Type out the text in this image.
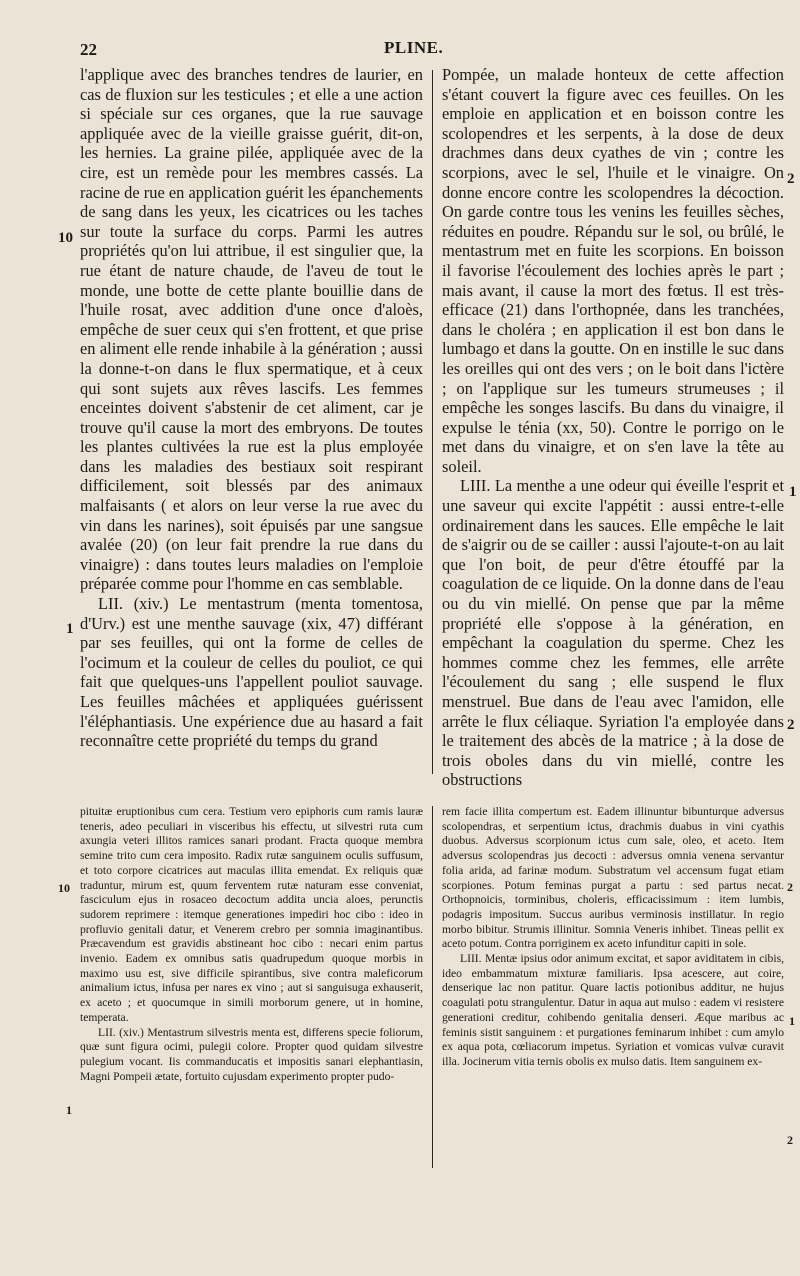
22	PLINE.

l'applique avec des branches tendres de laurier, en cas de fluxion sur les testicules ; et elle a une action si spéciale sur ces organes, que la rue sauvage appliquée avec de la vieille graisse guérit, dit-on, les hernies. La graine pilée, appliquée avec de la cire, est un remède pour les membres cassés. La racine de rue en application guérit les épanchements de sang dans les yeux, les cicatrices ou les taches sur toute la surface du corps. Parmi les autres propriétés qu'on lui attribue, il est singulier que, la rue étant de nature chaude, de l'aveu de tout le monde, une botte de cette plante bouillie dans de l'huile rosat, avec addition d'une once d'aloès, empêche de suer ceux qui s'en frottent, et que prise en aliment elle rende inhabile à la génération ; aussi la donne-t-on dans le flux spermatique, et à ceux qui sont sujets aux rêves lascifs. Les femmes enceintes doivent s'abstenir de cet aliment, car je trouve qu'il cause la mort des embryons. De toutes les plantes cultivées la rue est la plus employée dans les maladies des bestiaux soit respirant difficilement, soit blessés par des animaux malfaisants ( et alors on leur verse la rue avec du vin dans les narines), soit épuisés par une sangsue avalée (20) (on leur fait prendre la rue dans du vinaigre) : dans toutes leurs maladies on l'emploie préparée comme pour l'homme en cas semblable.

LII. (xiv.) Le mentastrum (menta tomentosa, d'Urv.) est une menthe sauvage (xix, 47) différant par ses feuilles, qui ont la forme de celles de l'ocimum et la couleur de celles du pouliot, ce qui fait que quelques-uns l'appellent pouliot sauvage. Les feuilles mâchées et appliquées guérissent l'éléphantiasis. Une expérience due au hasard a fait reconnaître cette propriété du temps du grand

Pompée, un malade honteux de cette affection s'étant couvert la figure avec ces feuilles. On les emploie en application et en boisson contre les scolopendres et les serpents, à la dose de deux drachmes dans deux cyathes de vin ; contre les scorpions, avec le sel, l'huile et le vinaigre. On donne encore contre les scolopendres la décoction. On garde contre tous les venins les feuilles sèches, réduites en poudre. Répandu sur le sol, ou brûlé, le mentastrum met en fuite les scorpions. En boisson il favorise l'écoulement des lochies après le part ; mais avant, il cause la mort des fœtus. Il est très-efficace (21) dans l'orthopnée, dans les tranchées, dans le choléra ; en application il est bon dans le lumbago et dans la goutte. On en instille le suc dans les oreilles qui ont des vers ; on le boit dans l'ictère ; on l'applique sur les tumeurs strumeuses ; il empêche les songes lascifs. Bu dans du vinaigre, il expulse le ténia (xx, 50). Contre le porrigo on le met dans du vinaigre, et on s'en lave la tête au soleil.

LIII. La menthe a une odeur qui éveille l'esprit et une saveur qui excite l'appétit : aussi entre-t-elle ordinairement dans les sauces. Elle empêche le lait de s'aigrir ou de se cailler : aussi l'ajoute-t-on au lait que l'on boit, de peur d'être étouffé par la coagulation de ce liquide. On la donne dans de l'eau ou du vin miellé. On pense que par la même propriété elle s'oppose à la génération, en empêchant la coagulation du sperme. Chez les hommes comme chez les femmes, elle arrête l'écoulement du sang ; elle suspend le flux menstruel. Bue dans de l'eau avec l'amidon, elle arrête le flux céliaque. Syriation l'a employée dans le traitement des abcès de la matrice ; à la dose de trois oboles dans du vin miellé, contre les obstructions

pituitæ eruptionibus cum cera. Testium vero epiphoris cum ramis lauræ teneris, adeo peculiari in visceribus his effectu, ut silvestri ruta cum axungia veteri illitos ramices sanari prodant. Fracta quoque membra semine trito cum cera imposito. Radix rutæ sanguinem oculis suffusum, et toto corpore cicatrices aut maculas illita emendat. Ex reliquis quæ traduntur, mirum est, quum ferventem rutæ naturam esse conveniat, fasciculum ejus in rosaceo decoctum addita uncia aloes, perunctis sudorem reprimere : itemque generationes impediri hoc cibo : ideo in profluvio genitali datur, et Venerem crebro per somnia imaginantibus. Præcavendum est gravidis abstineant hoc cibo : necari enim partus invenio. Eadem ex omnibus satis quadrupedum quoque morbis in maximo usu est, sive difficile spirantibus, sive contra maleficorum animalium ictus, infusa per nares ex vino ; aut si sanguisuga exhauserit, ex aceto ; et quocumque in simili morborum genere, ut in homine, temperata.

LII. (xiv.) Mentastrum silvestris menta est, differens specie foliorum, quæ sunt figura ocimi, pulegii colore. Propter quod quidam silvestre pulegium vocant. Iis commanducatis et impositis sanari elephantiasin, Magni Pompeii ætate, fortuito cujusdam experimento propter pudo-

rem facie illita compertum est. Eadem illinuntur bibunturque adversus scolopendras, et serpentium ictus, drachmis duabus in vini cyathis duobus. Adversus scorpionum ictus cum sale, oleo, et aceto. Item adversus scolopendras jus decocti : adversus omnia venena servantur folia arida, ad farinæ modum. Substratum vel accensum fugat etiam scorpiones. Potum feminas purgat a partu : sed partus necat. Orthopnoicis, torminibus, choleris, efficacissimum : item lumbis, podagris impositum. Succus auribus verminosis instillatur. In regio morbo bibitur. Strumis illinitur. Somnia Veneris inhibet. Tineas pellit ex aceto potum. Contra porriginem ex aceto infunditur capiti in sole.

LIII. Mentæ ipsius odor animum excitat, et sapor aviditatem in cibis, ideo embammatum mixturæ familiaris. Ipsa acescere, aut coire, denserique lac non patitur. Quare lactis potionibus additur, ne hujus coagulati potu strangulentur. Datur in aqua aut mulso : eadem vi resistere generationi creditur, cohibendo genitalia denseri. Æque maribus ac feminis sistit sanguinem : et purgationes feminarum inhibet : cum amylo ex aqua pota, cœliacorum impetus. Syriation et vomicas vulvæ curavit illa. Jocinerum vitia ternis obolis ex mulso datis. Item sanguinem ex-

10
1
2
1
2
10
1
2
1
2
